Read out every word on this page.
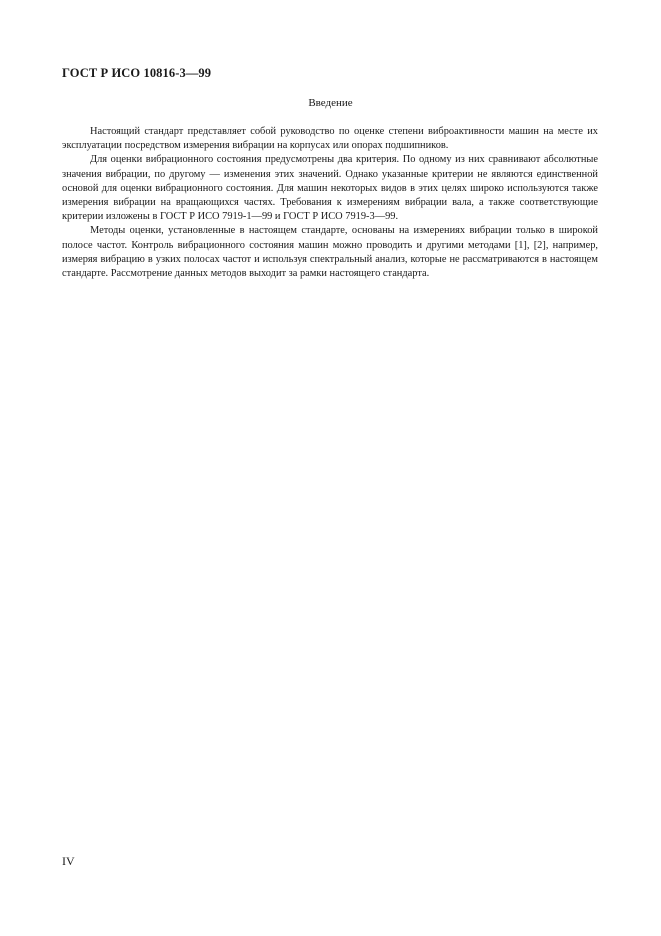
ГОСТ Р ИСО 10816-3—99
Введение

Настоящий стандарт представляет собой руководство по оценке степени виброактивности машин на месте их эксплуатации посредством измерения вибрации на корпусах или опорах подшипников.

Для оценки вибрационного состояния предусмотрены два критерия. По одному из них сравнивают абсолютные значения вибрации, по другому — изменения этих значений. Однако указанные критерии не являются единственной основой для оценки вибрационного состояния. Для машин некоторых видов в этих целях широко используются также измерения вибрации на вращающихся частях. Требования к измерениям вибрации вала, а также соответствующие критерии изложены в ГОСТ Р ИСО 7919-1—99 и ГОСТ Р ИСО 7919-3—99.

Методы оценки, установленные в настоящем стандарте, основаны на измерениях вибрации только в широкой полосе частот. Контроль вибрационного состояния машин можно проводить и другими методами [1], [2], например, измеряя вибрацию в узких полосах частот и используя спектральный анализ, которые не рассматриваются в настоящем стандарте. Рассмотрение данных методов выходит за рамки настоящего стандарта.

IV
